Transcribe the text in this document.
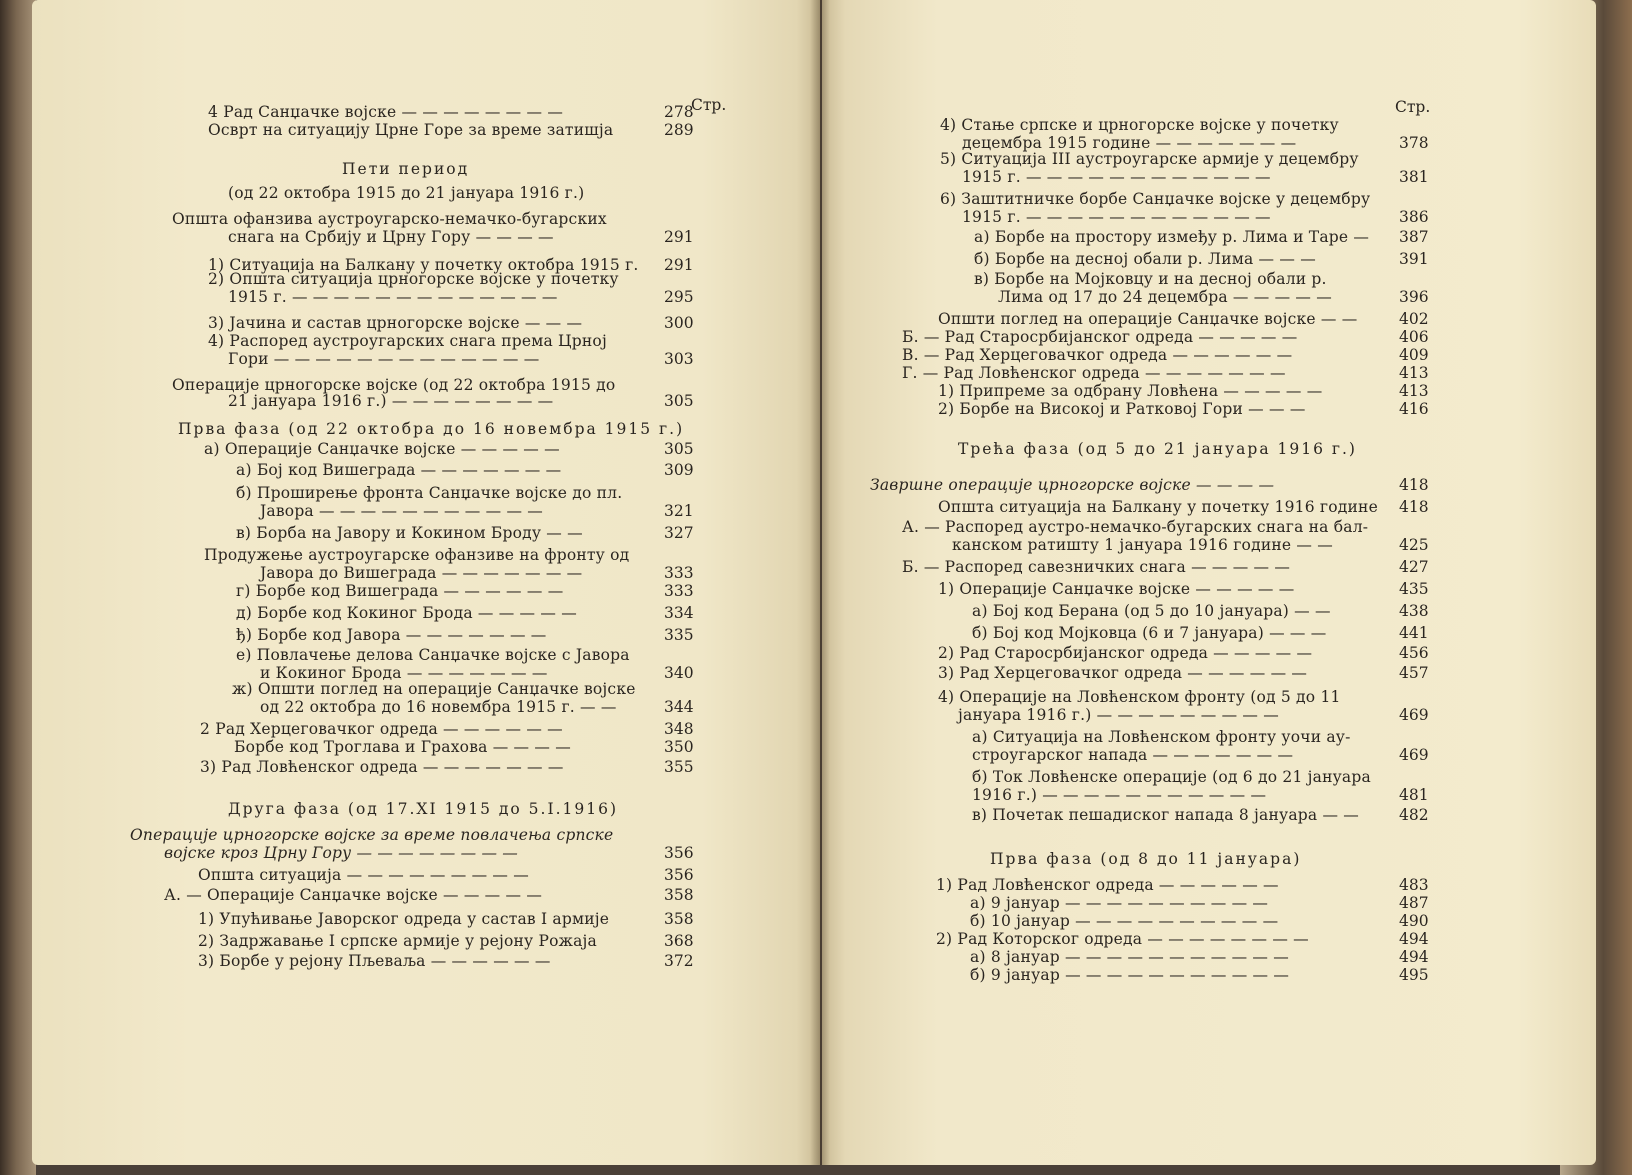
Стр.
4 Рад Санџачке војске — — — — — — — —	278
Осврт на ситуацију Црне Горе за време затишја	289
Пети период
(од 22 октобра 1915 до 21 јануара 1916 г.)
Општа офанзива аустроугарско-немачко-бугарских
снага на Србију и Црну Гору — — — —	291
1) Ситуација на Балкану у почетку октобра 1915 г. 291
2) Општа ситуација црногорске војске у почетку
1915 г. — — — — — — — — — — — — —	295
3) Јачина и састав црногорске војске — — —	300
4) Распоред аустроугарских снага према Црној
Гори — — — — — — — — — — — — —	303
Операције црногорске војске (од 22 октобра 1915 до
21 јануара 1916 г.) — — — — — — — —	305
Прва фаза (од 22 октобра до 16 новембра 1915 г.)
а) Операције Санџачке војске — — — — —	305
а) Бој код Вишеграда — — — — — — —	309
б) Проширење фронта Санџачке војске до пл.
Јавора — — — — — — — — — — —	321
в) Борба на Јавору и Кокином Броду — —	327
Продужење аустроугарске офанзиве на фронту од
Јавора до Вишеграда — — — — — — —	333
г) Борбе код Вишеграда — — — — — —	333
д) Борбе код Кокиног Брода — — — — —	334
ђ) Борбе код Јавора — — — — — — —	335
е) Повлачење делова Санџачке војске с Јавора
и Кокиног Брода — — — — — — —	340
ж) Општи поглед на операције Санџачке војске
од 22 октобра до 16 новембра 1915 г. — —	344
2 Рад Херцеговачког одреда — — — — — —	348
Борбе код Троглава и Грахова — — — —	350
3) Рад Ловћенског одреда — — — — — — —	355
Друга фаза (од 17.XI 1915 до 5.I.1916)
Операције црногорске војске за време повлачења српске
војске кроз Црну Гору — — — — — — — —	356
Општа ситуација — — — — — — — — —	356
А. — Операције Санџачке војске — — — — —	358
1) Упућивање Јаворског одреда у састав I армије	358
2) Задржавање I српске армије у рејону Рожаја	368
3) Борбе у рејону Пљеваља — — — — — —	372
Стр.
4) Стање српске и црногорске војске у почетку
децембра 1915 године — — — — — — —	378
5) Ситуација III аустроугарске армије у децембру
1915 г. — — — — — — — — — — — —	381
6) Заштитничке борбе Санџачке војске у децембру
1915 г. — — — — — — — — — — — —	386
а) Борбе на простору између р. Лима и Таре — 387
б) Борбе на десној обали р. Лима — — —	391
в) Борбе на Мојковцу и на десној обали р.
Лима од 17 до 24 децембра — — — — —	396
Општи поглед на операције Санџачке војске — —	402
Б. — Рад Старосрбијанског одреда — — — — —	406
В. — Рад Херцеговачког одреда — — — — — —	409
Г. — Рад Ловћенског одреда — — — — — — —	413
1) Припреме за одбрану Ловћена — — — — —	413
2) Борбе на Високој и Ратковој Гори — — —	416
Трећа фаза (од 5 до 21 јануара 1916 г.)
Завршне операције црногорске војске — — — —	418
Општа ситуација на Балкану у почетку 1916 године 418
А. — Распоред аустро-немачко-бугарских снага на бал-
канском ратишту 1 јануара 1916 године — —	425
Б. — Распоред савезничких снага — — — — —	427
1) Операције Санџачке војске — — — — —	435
а) Бој код Берана (од 5 до 10 јануара) — —	438
б) Бој код Мојковца (6 и 7 јануара) — — —	441
2) Рад Старосрбијанског одреда — — — — —	456
3) Рад Херцеговачког одреда — — — — — —	457
4) Операције на Ловћенском фронту (од 5 до 11
јануара 1916 г.) — — — — — — — — —	469
а) Ситуација на Ловћенском фронту уочи ау-
строугарског напада — — — — — — —	469
б) Ток Ловћенске операције (од 6 до 21 јануара
1916 г.) — — — — — — — — — — —	481
в) Почетак пешадиског напада 8 јануара — —	482
Прва фаза (од 8 до 11 јануара)
1) Рад Ловћенског одреда — — — — — —	483
а) 9 јануар — — — — — — — — — —	487
б) 10 јануар — — — — — — — — — —	490
2) Рад Которског одреда — — — — — — — —	494
а) 8 јануар — — — — — — — — — — —	494
б) 9 јануар — — — — — — — — — — —	495
